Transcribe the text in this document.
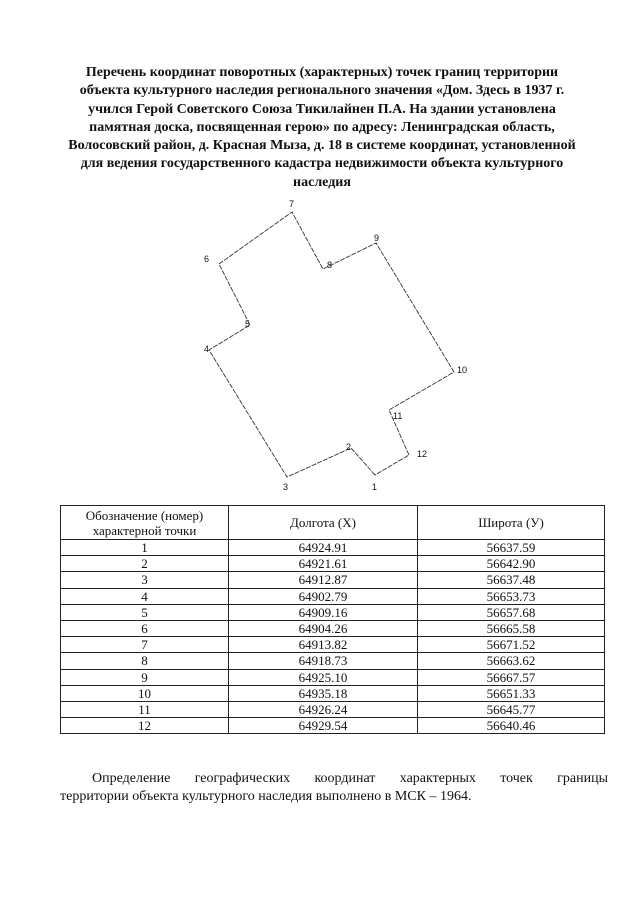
Перечень координат поворотных (характерных) точек границ территории
объекта культурного наследия регионального значения «Дом. Здесь в 1937 г.
учился Герой Советского Союза Тикилайнен П.А. На здании установлена
памятная доска, посвященная герою» по адресу: Ленинградская область,
Волосовский район, д. Красная Мыза, д. 18 в системе координат, установленной
для ведения государственного кадастра недвижимости объекта культурного
наследия

1
2
3
4
5
6
7
8
9
10
11
12
Обозначение (номер) характерной точки	Долгота (X)	Широта (У)
1	64924.91	56637.59
2	64921.61	56642.90
3	64912.87	56637.48
4	64902.79	56653.73
5	64909.16	56657.68
6	64904.26	56665.58
7	64913.82	56671.52
8	64918.73	56663.62
9	64925.10	56667.57
10	64935.18	56651.33
11	64926.24	56645.77
12	64929.54	56640.46

Определение географических координат характерных точек границы
территории объекта культурного наследия выполнено в МСК – 1964.
